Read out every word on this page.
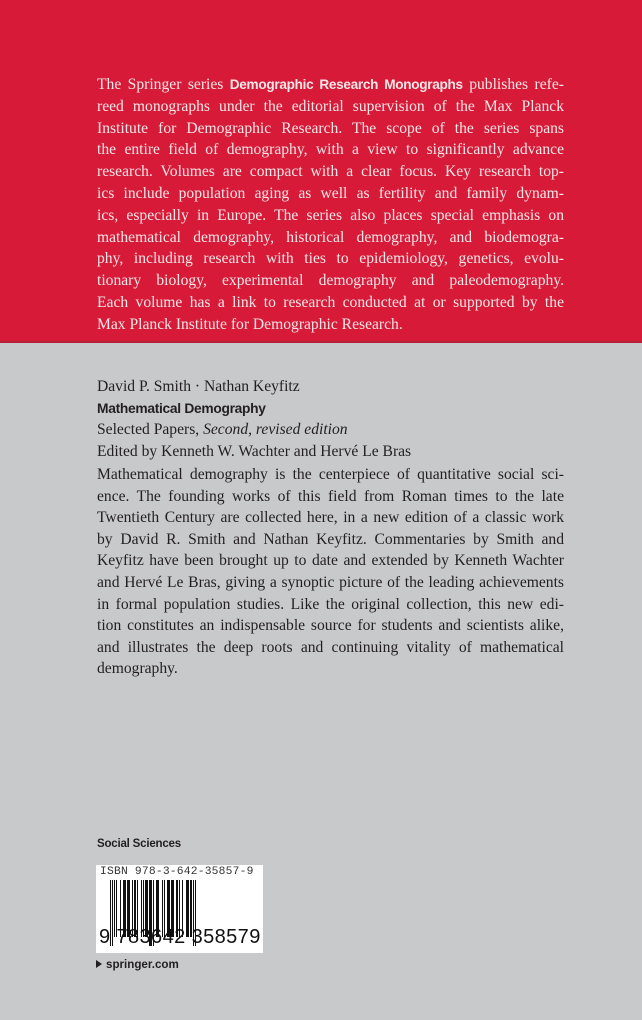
The Springer series Demographic Research Monographs publishes refe-
reed monographs under the editorial supervision of the Max Planck
Institute for Demographic Research. The scope of the series spans
the entire field of demography, with a view to significantly advance
research. Volumes are compact with a clear focus. Key research top-
ics include population aging as well as fertility and family dynam-
ics, especially in Europe. The series also places special emphasis on
mathematical demography, historical demography, and biodemogra-
phy, including research with ties to epidemiology, genetics, evolu-
tionary biology, experimental demography and paleodemography.
Each volume has a link to research conducted at or supported by the
Max Planck Institute for Demographic Research.
David P. Smith · Nathan Keyfitz
Mathematical Demography
Selected Papers, Second, revised edition
Edited by Kenneth W. Wachter and Hervé Le Bras
Mathematical demography is the centerpiece of quantitative social sci-
ence. The founding works of this field from Roman times to the late
Twentieth Century are collected here, in a new edition of a classic work
by David R. Smith and Nathan Keyfitz. Commentaries by Smith and
Keyfitz have been brought up to date and extended by Kenneth Wachter
and Hervé Le Bras, giving a synoptic picture of the leading achievements
in formal population studies. Like the original collection, this new edi-
tion constitutes an indispensable source for students and scientists alike,
and illustrates the deep roots and continuing vitality of mathematical
demography.
Social Sciences
ISBN 978-3-642-35857-9
9 783642 358579
springer.com
